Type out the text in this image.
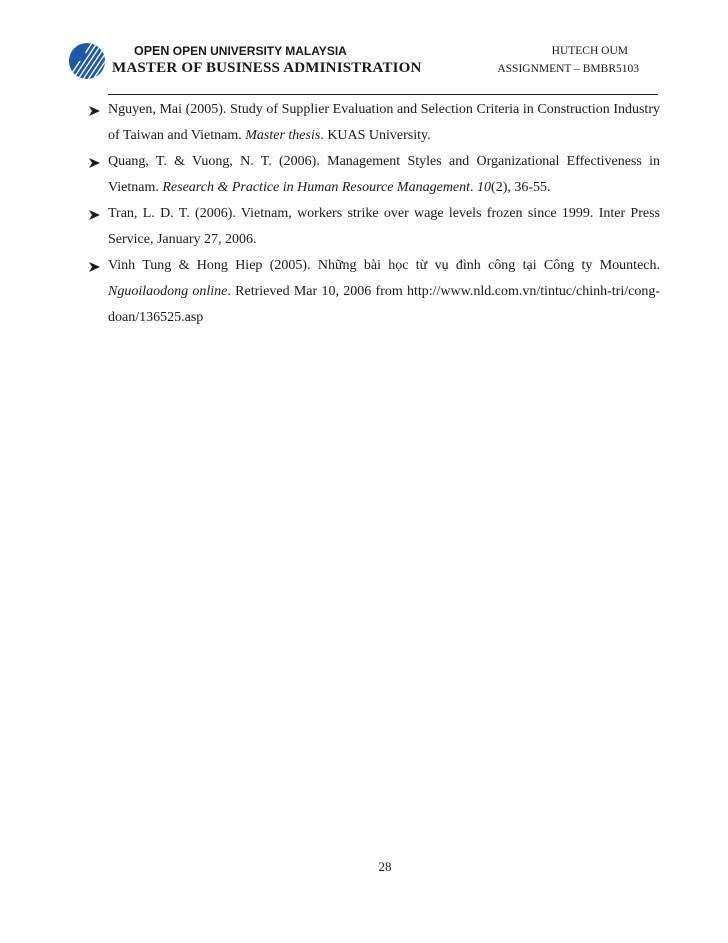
OPEN OPEN UNIVERSITY MALAYSIA
MASTER OF BUSINESS ADMINISTRATION
HUTECH OUM
ASSIGNMENT – BMBR5103
Nguyen, Mai (2005). Study of Supplier Evaluation and Selection Criteria in Construction Industry of Taiwan and Vietnam. Master thesis. KUAS University.
Quang, T. & Vuong, N. T. (2006). Management Styles and Organizational Effectiveness in Vietnam. Research & Practice in Human Resource Management. 10(2), 36-55.
Tran, L. D. T. (2006). Vietnam, workers strike over wage levels frozen since 1999. Inter Press Service, January 27, 2006.
Vinh Tung & Hong Hiep (2005). Những bài học từ vụ đình công tại Công ty Mountech. Nguoilaodong online. Retrieved Mar 10, 2006 from http://www.nld.com.vn/tintuc/chinh-tri/cong-doan/136525.asp
28
